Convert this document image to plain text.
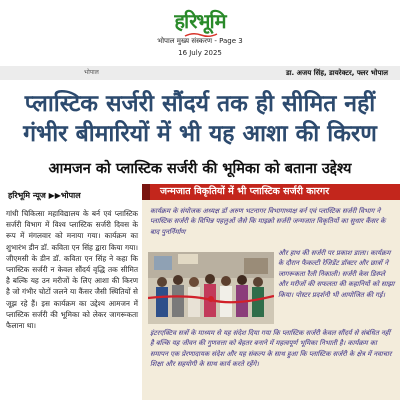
हरिभूमि
भोपाल मुख्य संस्करण - Page 3
16 July 2025
भोपाल	डा. अजय सिंह, डायरेक्टर, फ्लर भोपाल
प्लास्टिक सर्जरी सौंदर्य तक ही सीमित नहीं
गंभीर बीमारियों में भी यह आशा की किरण
आमजन को प्लास्टिक सर्जरी की भूमिका को बताना उद्देश्य
हरिभूमि न्यूज ▶▶भोपाल
गांधी चिकित्सा महाविद्यालय के बर्न एवं प्लास्टिक सर्जरी विभाग में विश्व प्लास्टिक सर्जरी दिवस के रूप में मंगलवार को मनाया गया। कार्यक्रम का शुभारंभ डीन डॉ. कविता एन सिंह द्वारा किया गया। जीएमसी के डीन डॉ. कविता एन सिंह ने कहा कि प्लास्टिक सर्जरी न केवल सौंदर्य वृद्धि तक सीमित है बल्कि यह उन मरीजों के लिए आशा की किरण है जो गंभीर चोटों जलने या कैंसर जैसी स्थितियों से जूझ रहे हैं। इस कार्यक्रम का उद्देश्य आमजन में प्लास्टिक सर्जरी की भूमिका को लेकर जागरूकता फैलाना था।
जन्मजात विकृतियों में भी प्लास्टिक सर्जरी कारगर
कार्यक्रम के संयोजक अध्यक्ष डॉ अरुण भटनागर विभागाध्यक्ष बर्न एवं प्लास्टिक सर्जरी विभाग ने प्लास्टिक सर्जरी के विभिन्न पहलुओं जैसे कि माइक्रो सर्जरी जन्मजात विकृतियों का सुधार कैंसर के बाद पुनर्निर्माण
और हाथ की सर्जरी पर प्रकाश डाला। कार्यक्रम के दौरान फैकल्टी रेजिडेंट डॉक्टर और छात्रों ने जागरूकता रैली निकाली। सर्जरी केस डिस्प्ले और मरीजों की सफलता की कहानियों को साझा किया। पोस्टर प्रदर्शनी भी आयोजित की गई।
इंटरएक्टिव सत्रों के माध्यम से यह संदेश दिया गया कि प्लास्टिक सर्जरी केवल सौंदर्य से संबंधित नहीं है बल्कि यह जीवन की गुणवत्ता को बेहतर बनाने में महत्वपूर्ण भूमिका निभाती है। कार्यक्रम का समापन एक प्रेरणादायक संदेश और यह संकल्प के साथ हुआ कि प्लास्टिक सर्जरी के क्षेत्र में नवाचार शिक्षा और सहयोगी के साथ कार्य करते रहेंगे।
